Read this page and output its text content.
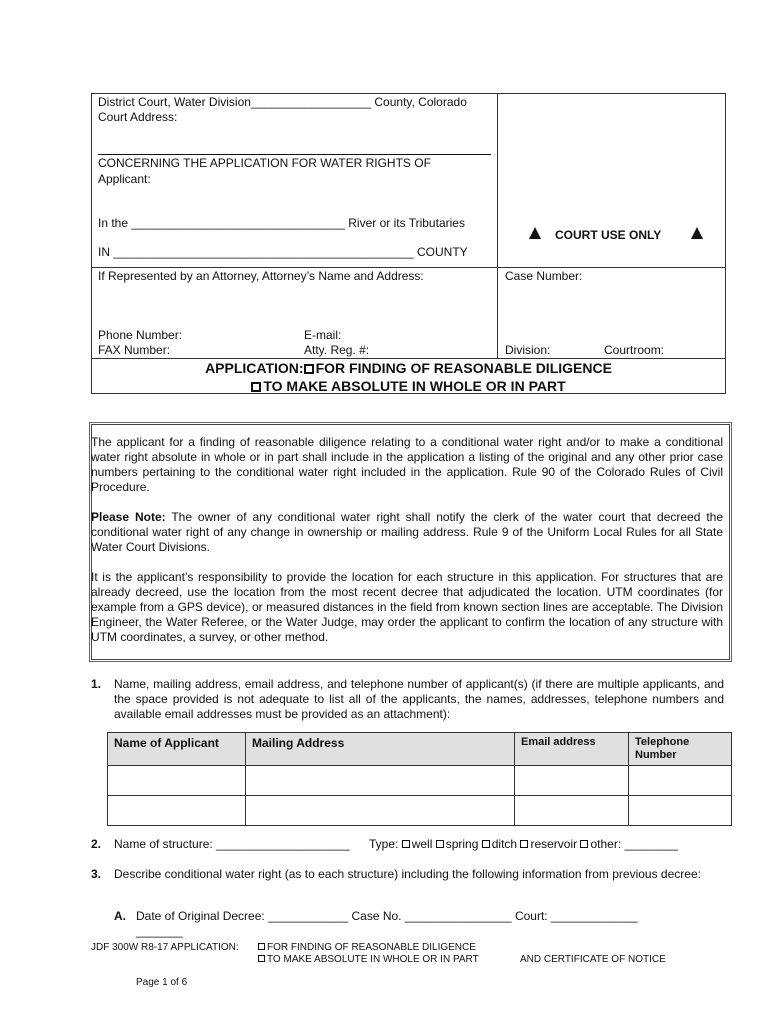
District Court, Water Division__________________ County, Colorado
Court Address:
CONCERNING THE APPLICATION FOR WATER RIGHTS OF
Applicant:
In the ________________________________ River or its Tributaries
IN _____________________________________________ COUNTY
COURT USE ONLY
If Represented by an Attorney, Attorney’s Name and Address:
Phone Number:	E-mail:
FAX Number:	Atty. Reg. #:
Case Number:
Division:	Courtroom:
APPLICATION: FOR FINDING OF REASONABLE DILIGENCE
TO MAKE ABSOLUTE IN WHOLE OR IN PART

The applicant for a finding of reasonable diligence relating to a conditional water right and/or to make a conditional water right absolute in whole or in part shall include in the application a listing of the original and any other prior case numbers pertaining to the conditional water right included in the application. Rule 90 of the Colorado Rules of Civil Procedure.

Please Note: The owner of any conditional water right shall notify the clerk of the water court that decreed the conditional water right of any change in ownership or mailing address. Rule 9 of the Uniform Local Rules for all State Water Court Divisions.

It is the applicant’s responsibility to provide the location for each structure in this application. For structures that are already decreed, use the location from the most recent decree that adjudicated the location. UTM coordinates (for example from a GPS device), or measured distances in the field from known section lines are acceptable. The Division Engineer, the Water Referee, or the Water Judge, may order the applicant to confirm the location of any structure with UTM coordinates, a survey, or other method.

1. Name, mailing address, email address, and telephone number of applicant(s) (if there are multiple applicants, and the space provided is not adequate to list all of the applicants, the names, addresses, telephone numbers and available email addresses must be provided as an attachment):
Name of Applicant	Mailing Address	Email address	Telephone Number

2. Name of structure: ____________________ Type: well spring ditch reservoir other: ________
3. Describe conditional water right (as to each structure) including the following information from previous decree:
A. Date of Original Decree: ____________ Case No. ________________ Court: _____________
_______
JDF 300W R8-17 APPLICATION:	FOR FINDING OF REASONABLE DILIGENCE
TO MAKE ABSOLUTE IN WHOLE OR IN PART	AND CERTIFICATE OF NOTICE
Page 1 of 6
